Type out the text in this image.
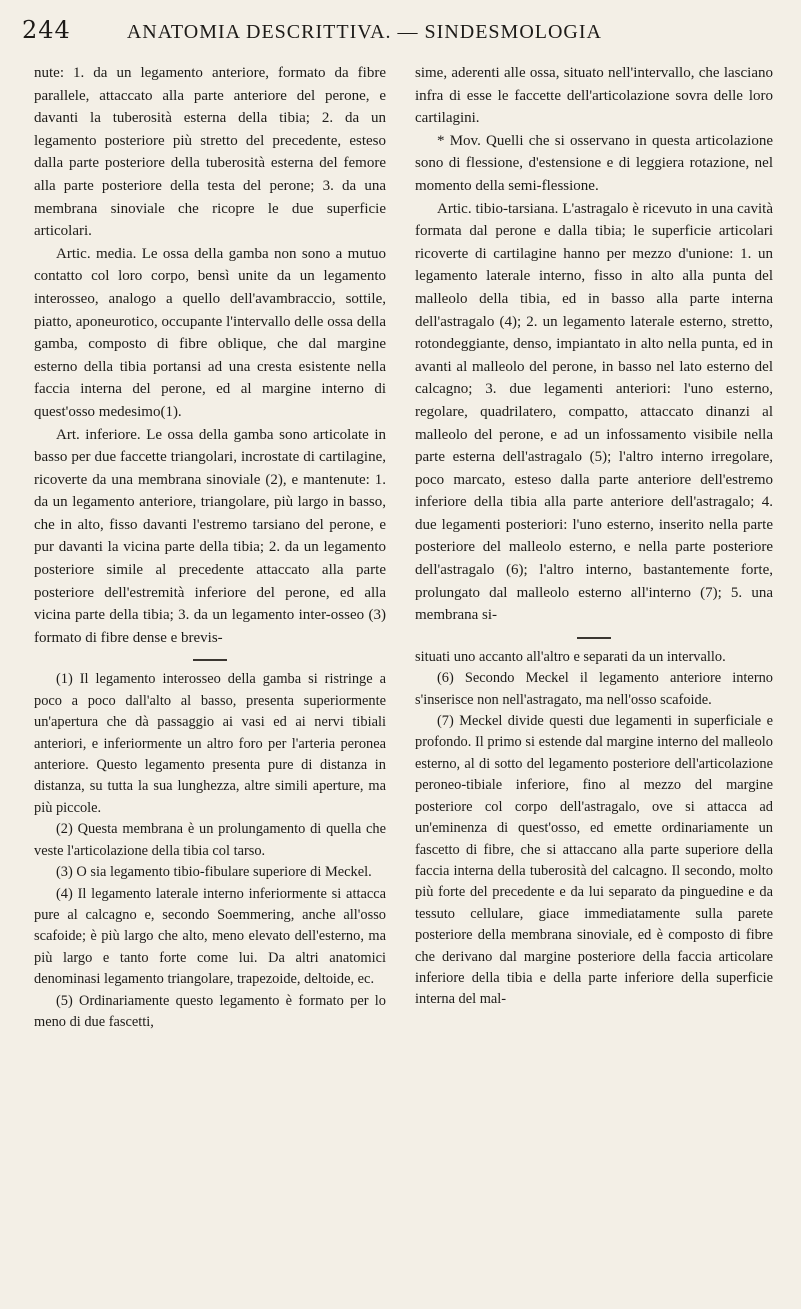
244	ANATOMIA DESCRITTIVA. — SINDESMOLOGIA

nute: 1. da un legamento anteriore, formato da fibre parallele, attaccato alla parte anteriore del perone, e davanti la tuberosità esterna della tibia; 2. da un legamento posteriore più stretto del precedente, esteso dalla parte posteriore della tuberosità esterna del femore alla parte posteriore della testa del perone; 3. da una membrana sinoviale che ricopre le due superficie articolari.

Artic. media. Le ossa della gamba non sono a mutuo contatto col loro corpo, bensì unite da un legamento interosseo, analogo a quello dell'avambraccio, sottile, piatto, aponeurotico, occupante l'intervallo delle ossa della gamba, composto di fibre oblique, che dal margine esterno della tibia portansi ad una cresta esistente nella faccia interna del perone, ed al margine interno di quest'osso medesimo(1).

Art. inferiore. Le ossa della gamba sono articolate in basso per due faccette triangolari, incrostate di cartilagine, ricoverte da una membrana sinoviale (2), e mantenute: 1. da un legamento anteriore, triangolare, più largo in basso, che in alto, fisso davanti l'estremo tarsiano del perone, e pur davanti la vicina parte della tibia; 2. da un legamento posteriore simile al precedente attaccato alla parte posteriore dell'estremità inferiore del perone, ed alla vicina parte della tibia; 3. da un legamento inter-osseo (3) formato di fibre dense e brevis-

(1) Il legamento interosseo della gamba si ristringe a poco a poco dall'alto al basso, presenta superiormente un'apertura che dà passaggio ai vasi ed ai nervi tibiali anteriori, e inferiormente un altro foro per l'arteria peronea anteriore. Questo legamento presenta pure di distanza in distanza, su tutta la sua lunghezza, altre simili aperture, ma più piccole.

(2) Questa membrana è un prolungamento di quella che veste l'articolazione della tibia col tarso.

(3) O sia legamento tibio-fibulare superiore di Meckel.

(4) Il legamento laterale interno inferiormente si attacca pure al calcagno e, secondo Soemmering, anche all'osso scafoide; è più largo che alto, meno elevato dell'esterno, ma più largo e tanto forte come lui. Da altri anatomici denominasi legamento triangolare, trapezoide, deltoide, ec.

(5) Ordinariamente questo legamento è formato per lo meno di due fascetti,

sime, aderenti alle ossa, situato nell'intervallo, che lasciano infra di esse le faccette dell'articolazione sovra delle loro cartilagini.

* Mov. Quelli che si osservano in questa articolazione sono di flessione, d'estensione e di leggiera rotazione, nel momento della semi-flessione.

Artic. tibio-tarsiana. L'astragalo è ricevuto in una cavità formata dal perone e dalla tibia; le superficie articolari ricoverte di cartilagine hanno per mezzo d'unione: 1. un legamento laterale interno, fisso in alto alla punta del malleolo della tibia, ed in basso alla parte interna dell'astragalo (4); 2. un legamento laterale esterno, stretto, rotondeggiante, denso, impiantato in alto nella punta, ed in avanti al malleolo del perone, in basso nel lato esterno del calcagno; 3. due legamenti anteriori: l'uno esterno, regolare, quadrilatero, compatto, attaccato dinanzi al malleolo del perone, e ad un infossamento visibile nella parte esterna dell'astragalo (5); l'altro interno irregolare, poco marcato, esteso dalla parte anteriore dell'estremo inferiore della tibia alla parte anteriore dell'astragalo; 4. due legamenti posteriori: l'uno esterno, inserito nella parte posteriore del malleolo esterno, e nella parte posteriore dell'astragalo (6); l'altro interno, bastantemente forte, prolungato dal malleolo esterno all'interno (7); 5. una membrana si-

situati uno accanto all'altro e separati da un intervallo.

(6) Secondo Meckel il legamento anteriore interno s'inserisce non nell'astragato, ma nell'osso scafoide.

(7) Meckel divide questi due legamenti in superficiale e profondo. Il primo si estende dal margine interno del malleolo esterno, al di sotto del legamento posteriore dell'articolazione peroneo-tibiale inferiore, fino al mezzo del margine posteriore col corpo dell'astragalo, ove si attacca ad un'eminenza di quest'osso, ed emette ordinariamente un fascetto di fibre, che si attaccano alla parte superiore della faccia interna della tuberosità del calcagno. Il secondo, molto più forte del precedente e da lui separato da pinguedine e da tessuto cellulare, giace immediatamente sulla parete posteriore della membrana sinoviale, ed è composto di fibre che derivano dal margine posteriore della faccia articolare inferiore della tibia e della parte inferiore della superficie interna del mal-
